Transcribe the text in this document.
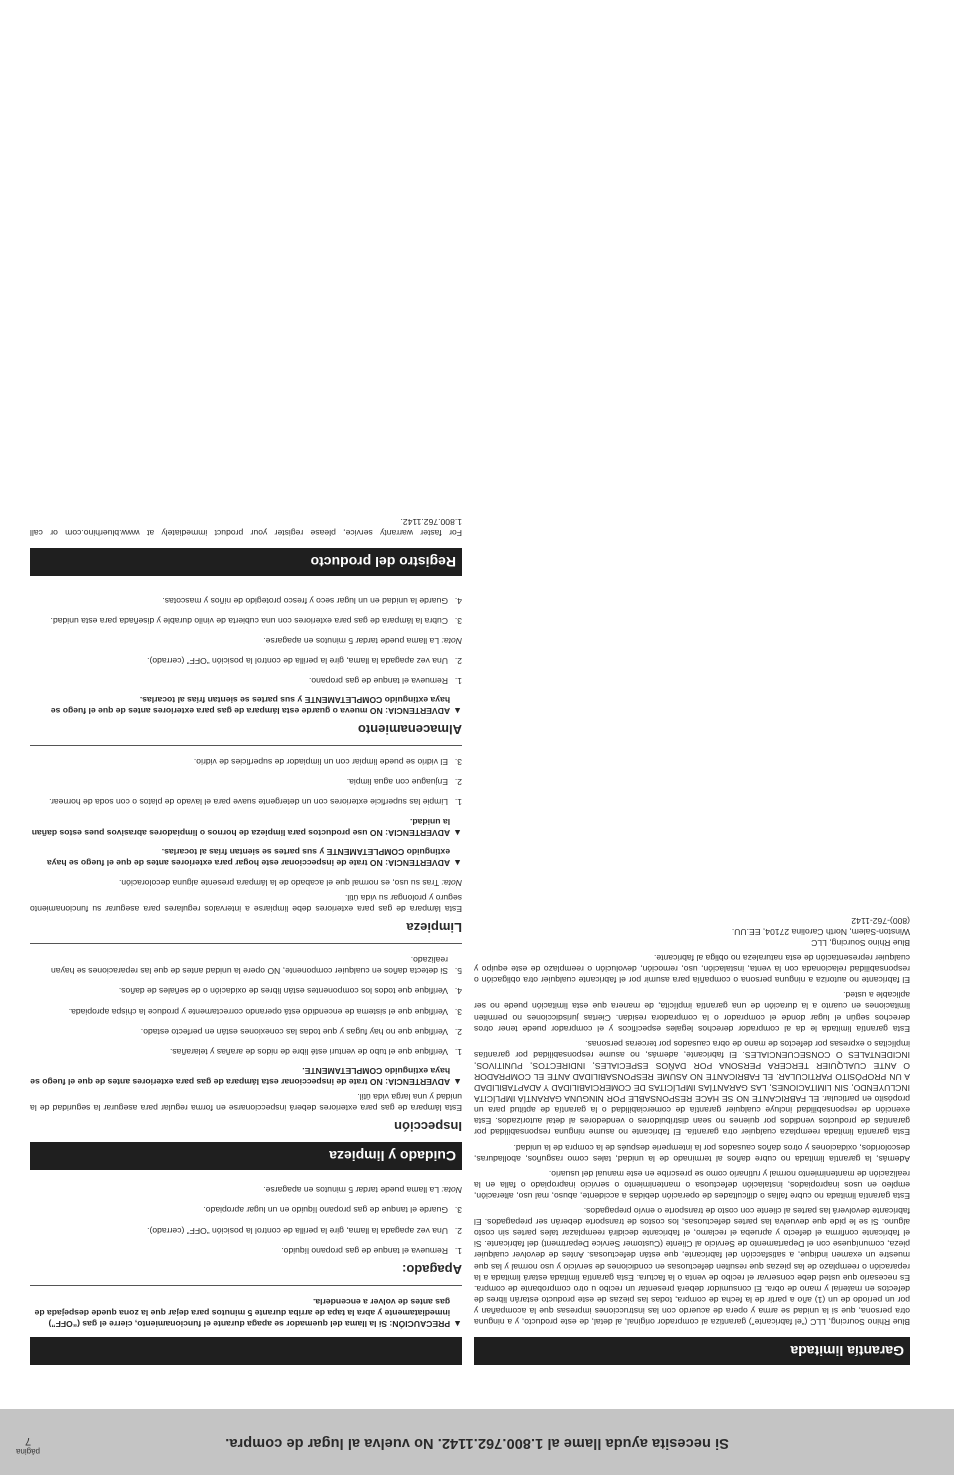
Si necesita ayuda llame al 1.800.762.1142. No vuelva al lugar de compra.
página
7
Garantía limitada

Blue Rhino Sourcing, LLC (“el fabricante”) garantiza al comprador original, al detal, de este producto, y a ninguna otra persona, que si la unidad se arma y opera de acuerdo con las instrucciones impresas que la acompañan y por un período de un (1) año a partir de la fecha de compra, todas las piezas de este producto estarán libres de defectos en material y mano de obra. El consumidor deberá presentar un recibo u otro comprobante de compra. Es necesario que usted debe conservar el recibo de venta o la factura. Esta garantía limitada estará limitada a la reparación o reemplazo de las piezas que resulten defectuosas en condiciones de servicio y uso normal y las que muestre un examen indique, a satisfacción del fabricante, que están defectuosas. Antes de devolver cualquier pieza, comuníquese con el Departamento de Servicio al Cliente (Customer Service Department) del fabricante. Si el fabricante confirma el defecto y aprueba el reclamo, el fabricante decidirá reemplazar tales partes sin costo alguno. Si se le pide que devuelva las partes defectuosas, los costos de transporte deberán ser prepagados. El fabricante devolverá las partes al cliente con costo de transporte o envío prepagados.

Esta garantía limitada no cubre fallas o dificultades de operación debidas a accidente, abuso, mal uso, alteración, empleo en usos inapropiados, instalación defectuosa o mantenimiento o servicio inapropiado o falla en la realización de mantenimiento normal y rutinario como se prescribe en este manual del usuario.

Además, la garantía limitada no cubre daños al terminado de la unidad, tales como rasguños, abolladuras, descoloridos, oxidaciones y otros daños causados por la intemperie después de la compra de la unidad.

Esta garantía limitada reemplaza cualquier otra garantía. El fabricante no asume ninguna responsabilidad por garantías de productos vendidos por quienes no sean distribuidores o vendedores al detal autorizados. Esta exención de responsabilidad incluye cualquier garantía de comerciabilidad o la garantía de aptitud para un propósito en particular. EL FABRICANTE NO SE HACE RESPONSABLE POR NINGUNA GARANTÍA IMPLÍCITA INCLUYENDO, SIN LIMITACIONES, LAS GARANTÍAS IMPLÍCITAS DE COMERCIABILIDAD Y ADAPTABILIDAD A UN PROPÓSITO PARTICULAR. EL FABRICANTE NO ASUME RESPONSABILIDAD ANTE EL COMPRADOR O ANTE CUALQUIER TERCERA PERSONA POR DAÑOS ESPECIALES, INDIRECTOS, PUNITIVOS, INCIDENTALES O CONSECUENCIALES. El fabricante, además, no asume responsabilidad por garantías implícitas o expresas por defectos de mano de obra causados por terceras personas.

Esta garantía limitada le da al comprador derechos legales específicos y el comprador puede tener otros derechos según el lugar donde el comprador o la compradora residan. Ciertas jurisdicciones no permiten limitaciones en cuanto a la duración de una garantía implícita, de manera que esta limitación puede no ser aplicable a usted.

El fabricante no autoriza a ninguna persona o compañía para asumir por el fabricante cualquier otra obligación o responsabilidad relacionada con la venta, instalación, uso, remoción, devolución o reemplazo de este equipo y cualquier representación de esta naturaleza no obliga al fabricante.

Blue Rhino Sourcing, LLC

Winston-Salem, North Carolina 27104, EE.UU.

(800)-762-1142

▲
PRECAUCIÓN: Si la llama del quemador se apaga durante el funcionamiento, cierre el gas (“OFF”) inmediatamente y abra la tapa de arriba durante 5 minutos para dejar que la zona quede despejada de gas antes de volver a encenderla.
Apagado:
1.
Remueva el tanque de gas propano líquido.
2.
Una vez apagada la llama, gire la perilla de control la posición “OFF” (cerrado).
3.
Guarde el tanque de gas propano líquido en un lugar apropiado.
Nota: La llama puede tardar 5 minutos en apagarse.
Cuidado y limpieza
Inspección

Esta lámpara de gas para exteriores deberá inspeccionarse en forma regular para asegurar la seguridad de la unidad y una larga vida útil.

▲
ADVERTENCIA: NO trate de inspeccionar esta lámpara de gas para exteriores antes de que el fuego se haya extinguido COMPLETAMENTE.
1.
Verifique que el tubo de venturi esté libre de nidos de arañas y telarañas.
2.
Verifique que no hay fugas y que todas las conexiones están en perfecto estado.
3.
Verifique que el sistema de encendido está operando correctamente y produce la chispa apropiada.
4.
Verifique que todos los componentes están libres de oxidación o de señales de daños.
5.
Si detecta daños en cualquier componente, NO opere la unidad antes de que las reparaciones se hayan realizado.
Limpieza

Esta lámpara de gas para exteriores debe limpiarse a intervalos regulares para asegurar su funcionamiento seguro y prolongar su vida útil.

Nota: Tras su uso, es normal que el acabado de la lámpara presente alguna decoloración.
▲
ADVERTENCIA: NO trate de inspeccionar este hogar para exteriores antes de que el fuego se haya extinguido COMPLETAMENTE y sus partes se sientan frías al tocarlas.
▲
ADVERTENCIA: NO use productos para limpieza de hornos o limpiadores abrasivos pues estos dañan la unidad.
1.
Limpie las superficie exteriores con un detergente suave para el lavado de platos o con soda de hornear.
2.
Enjuague con agua limpia.
3.
El vidrio se puede limpiar con un limpiador de superficies de vidrio.
Almacenamiento
▲
ADVERTENCIA: NO mueva o guarde esta lámpara de gas para exteriores antes de que el fuego se haya extinguido COMPLETAMENTE y sus partes se sientan frías al tocarlas.
1.
Remueva el tanque de gas propano.
2.
Una vez apagada la llama, gire la perilla de control la posición “OFF” (cerrado).
Nota: La llama puede tardar 5 minutos en apagarse.
3.
Cubra la lámpara de gas para exteriores con una cubierta de vinilo durable y diseñada para esta unidad.
4.
Guarde la unidad en un lugar seco y fresco protegido de niños y mascotas.
Registro del producto

For faster warranty service, please register your product immediately at www.bluerhino.com or call 1.800.762.1142.
